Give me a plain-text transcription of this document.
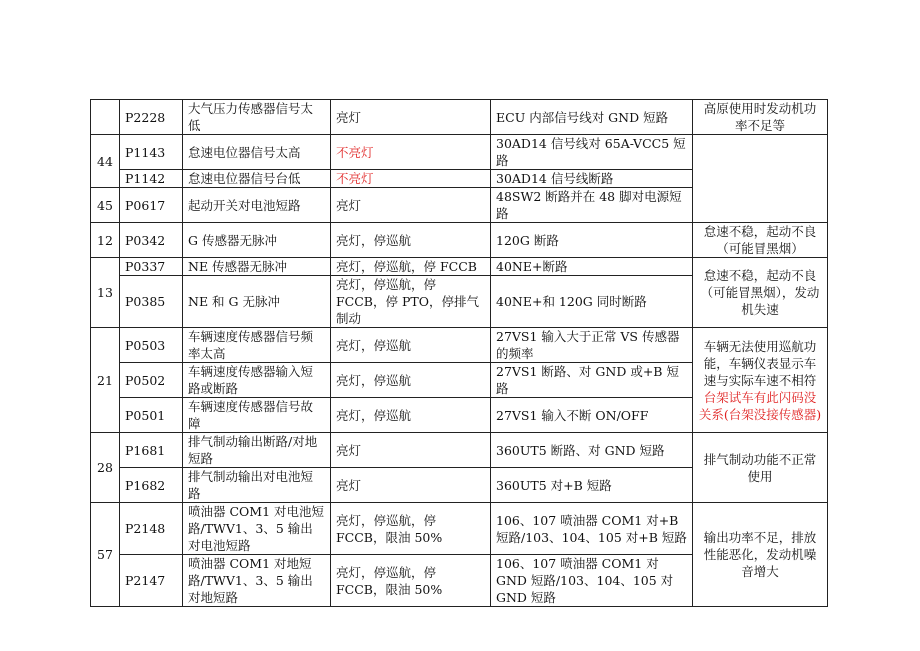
	P2228	大气压力传感器信号太低	亮灯	ECU 内部信号线对 GND 短路	高原使用时发动机功率不足等
44	P1143	怠速电位器信号太高	不亮灯	30AD14 信号线对 65A-VCC5 短路	
	P1142	怠速电位器信号台低	不亮灯	30AD14 信号线断路	
45	P0617	起动开关对电池短路	亮灯	48SW2 断路并在 48 脚对电源短路	
12	P0342	G 传感器无脉冲	亮灯，停巡航	120G 断路	怠速不稳，起动不良（可能冒黑烟）
13	P0337	NE 传感器无脉冲	亮灯，停巡航，停 FCCB	40NE+断路	怠速不稳，起动不良（可能冒黑烟），发动机失速
	P0385	NE 和 G 无脉冲	亮灯，停巡航，停 FCCB，停 PTO，停排气制动	40NE+和 120G 同时断路	
21	P0503	车辆速度传感器信号频率太高	亮灯，停巡航	27VS1 输入大于正常 VS 传感器的频率	车辆无法使用巡航功能，车辆仪表显示车速与实际车速不相符台架试车有此闪码没关系(台架没接传感器)
	P0502	车辆速度传感器输入短路或断路	亮灯，停巡航	27VS1 断路、对 GND 或+B 短路	
	P0501	车辆速度传感器信号故障	亮灯，停巡航	27VS1 输入不断 ON/OFF	
28	P1681	排气制动输出断路/对地短路	亮灯	360UT5 断路、对 GND 短路	排气制动功能不正常使用
	P1682	排气制动输出对电池短路	亮灯	360UT5 对+B 短路	
57	P2148	喷油器 COM1 对电池短路/TWV1、3、5 输出对电池短路	亮灯，停巡航，停 FCCB，限油 50%	106、107 喷油器 COM1 对+B 短路/103、104、105 对+B 短路	输出功率不足，排放性能恶化，发动机噪音增大
	P2147	喷油器 COM1 对地短路/TWV1、3、5 输出对地短路	亮灯，停巡航，停 FCCB，限油 50%	106、107 喷油器 COM1 对 GND 短路/103、104、105 对 GND 短路	
